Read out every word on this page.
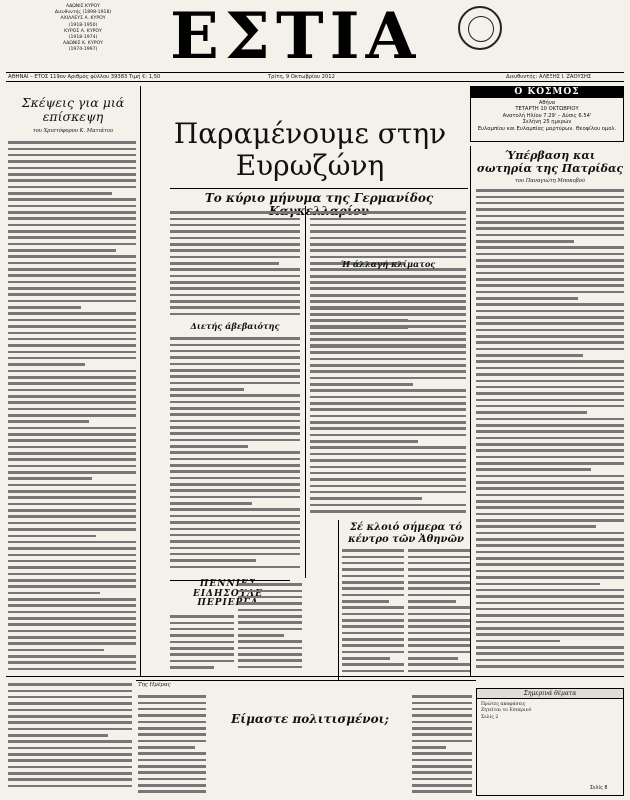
ΑΔΩΝΙΣ ΚΥΡΟΥ
Διευθυντής (1898-1918)
ΑΧΙΛΛΕΥΣ Α. ΚΥΡΟΥ
(1918-1950)
ΚΥΡΟΣ Α. ΚΥΡΟΥ
(1918-1974)
ΑΔΩΝΙΣ Κ. ΚΥΡΟΥ
(1974-1997)	ΕΣΤΙΑ
ΑΘΗΝΑΙ – ΕΤΟΣ 119ον Αριθμός φύλλου 39383 Τιμή €: 1,50	Τρίτη, 9 Οκτωβρίου 2012	Διευθυντής: ΑΛΕΞΗΣ Ι. ΖΑΟΥΣΗΣ
Ο ΚΟΣΜΟΣ
Αθήνα
ΤΕΤΑΡΤΗ 10 ΟΚΤΩΒΡΙΟΥ
Ανατολή Ηλίου 7.29' – Δύσις 6.54'
Σελήνη 25 ημερών
Ευλαμπίου και Ευλαμπίας μαρτύρων. Θεοφίλου ομολ.
Σκέψεις για μιά επίσκεψη
του Χριστόφορου Κ. Ματιάτου	Παραμένουμε στην Ευρωζώνη
Το κύριο μήνυμα της Γερμανίδος Καγκελλαρίου
Διετής άβεβαιότης
Ή άλλαγή κλίματος
Ύπέρβαση και σωτηρία της Πατρίδας
του Παναγιώτη Μποκοβού
ΠΕΝΝΙΕΣ ΕΙΔΗΣΟΥΛΕ ΠΕΡΙΕΡΓΑ
Σέ κλοιό σήμερα τό κέντρο τῶν Ἀθηνῶν
Της Ημέρας
Είμαστε πολιτισμένοι;
Σημερινά θέματα
Πρώτες αποφάσεις
Ζητείται το Εσπερινό
Σελίς 2
Σελίς 8
